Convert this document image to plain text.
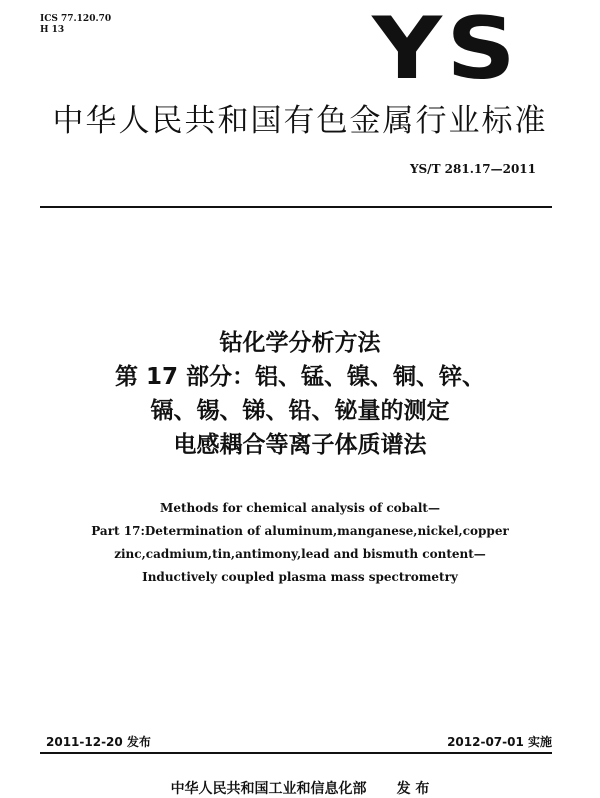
ICS 77.120.70
H 13	YS
中华人民共和国有色金属行业标准
YS/T 281.17—2011
钴化学分析方法
第 17 部分：铝、锰、镍、铜、锌、
镉、锡、锑、铅、铋量的测定
电感耦合等离子体质谱法
Methods for chemical analysis of cobalt—
Part 17:Determination of aluminum,manganese,nickel,copper
zinc,cadmium,tin,antimony,lead and bismuth content—
Inductively coupled plasma mass spectrometry
2011-12-20 发布	2012-07-01 实施
中华人民共和国工业和信息化部 发 布
